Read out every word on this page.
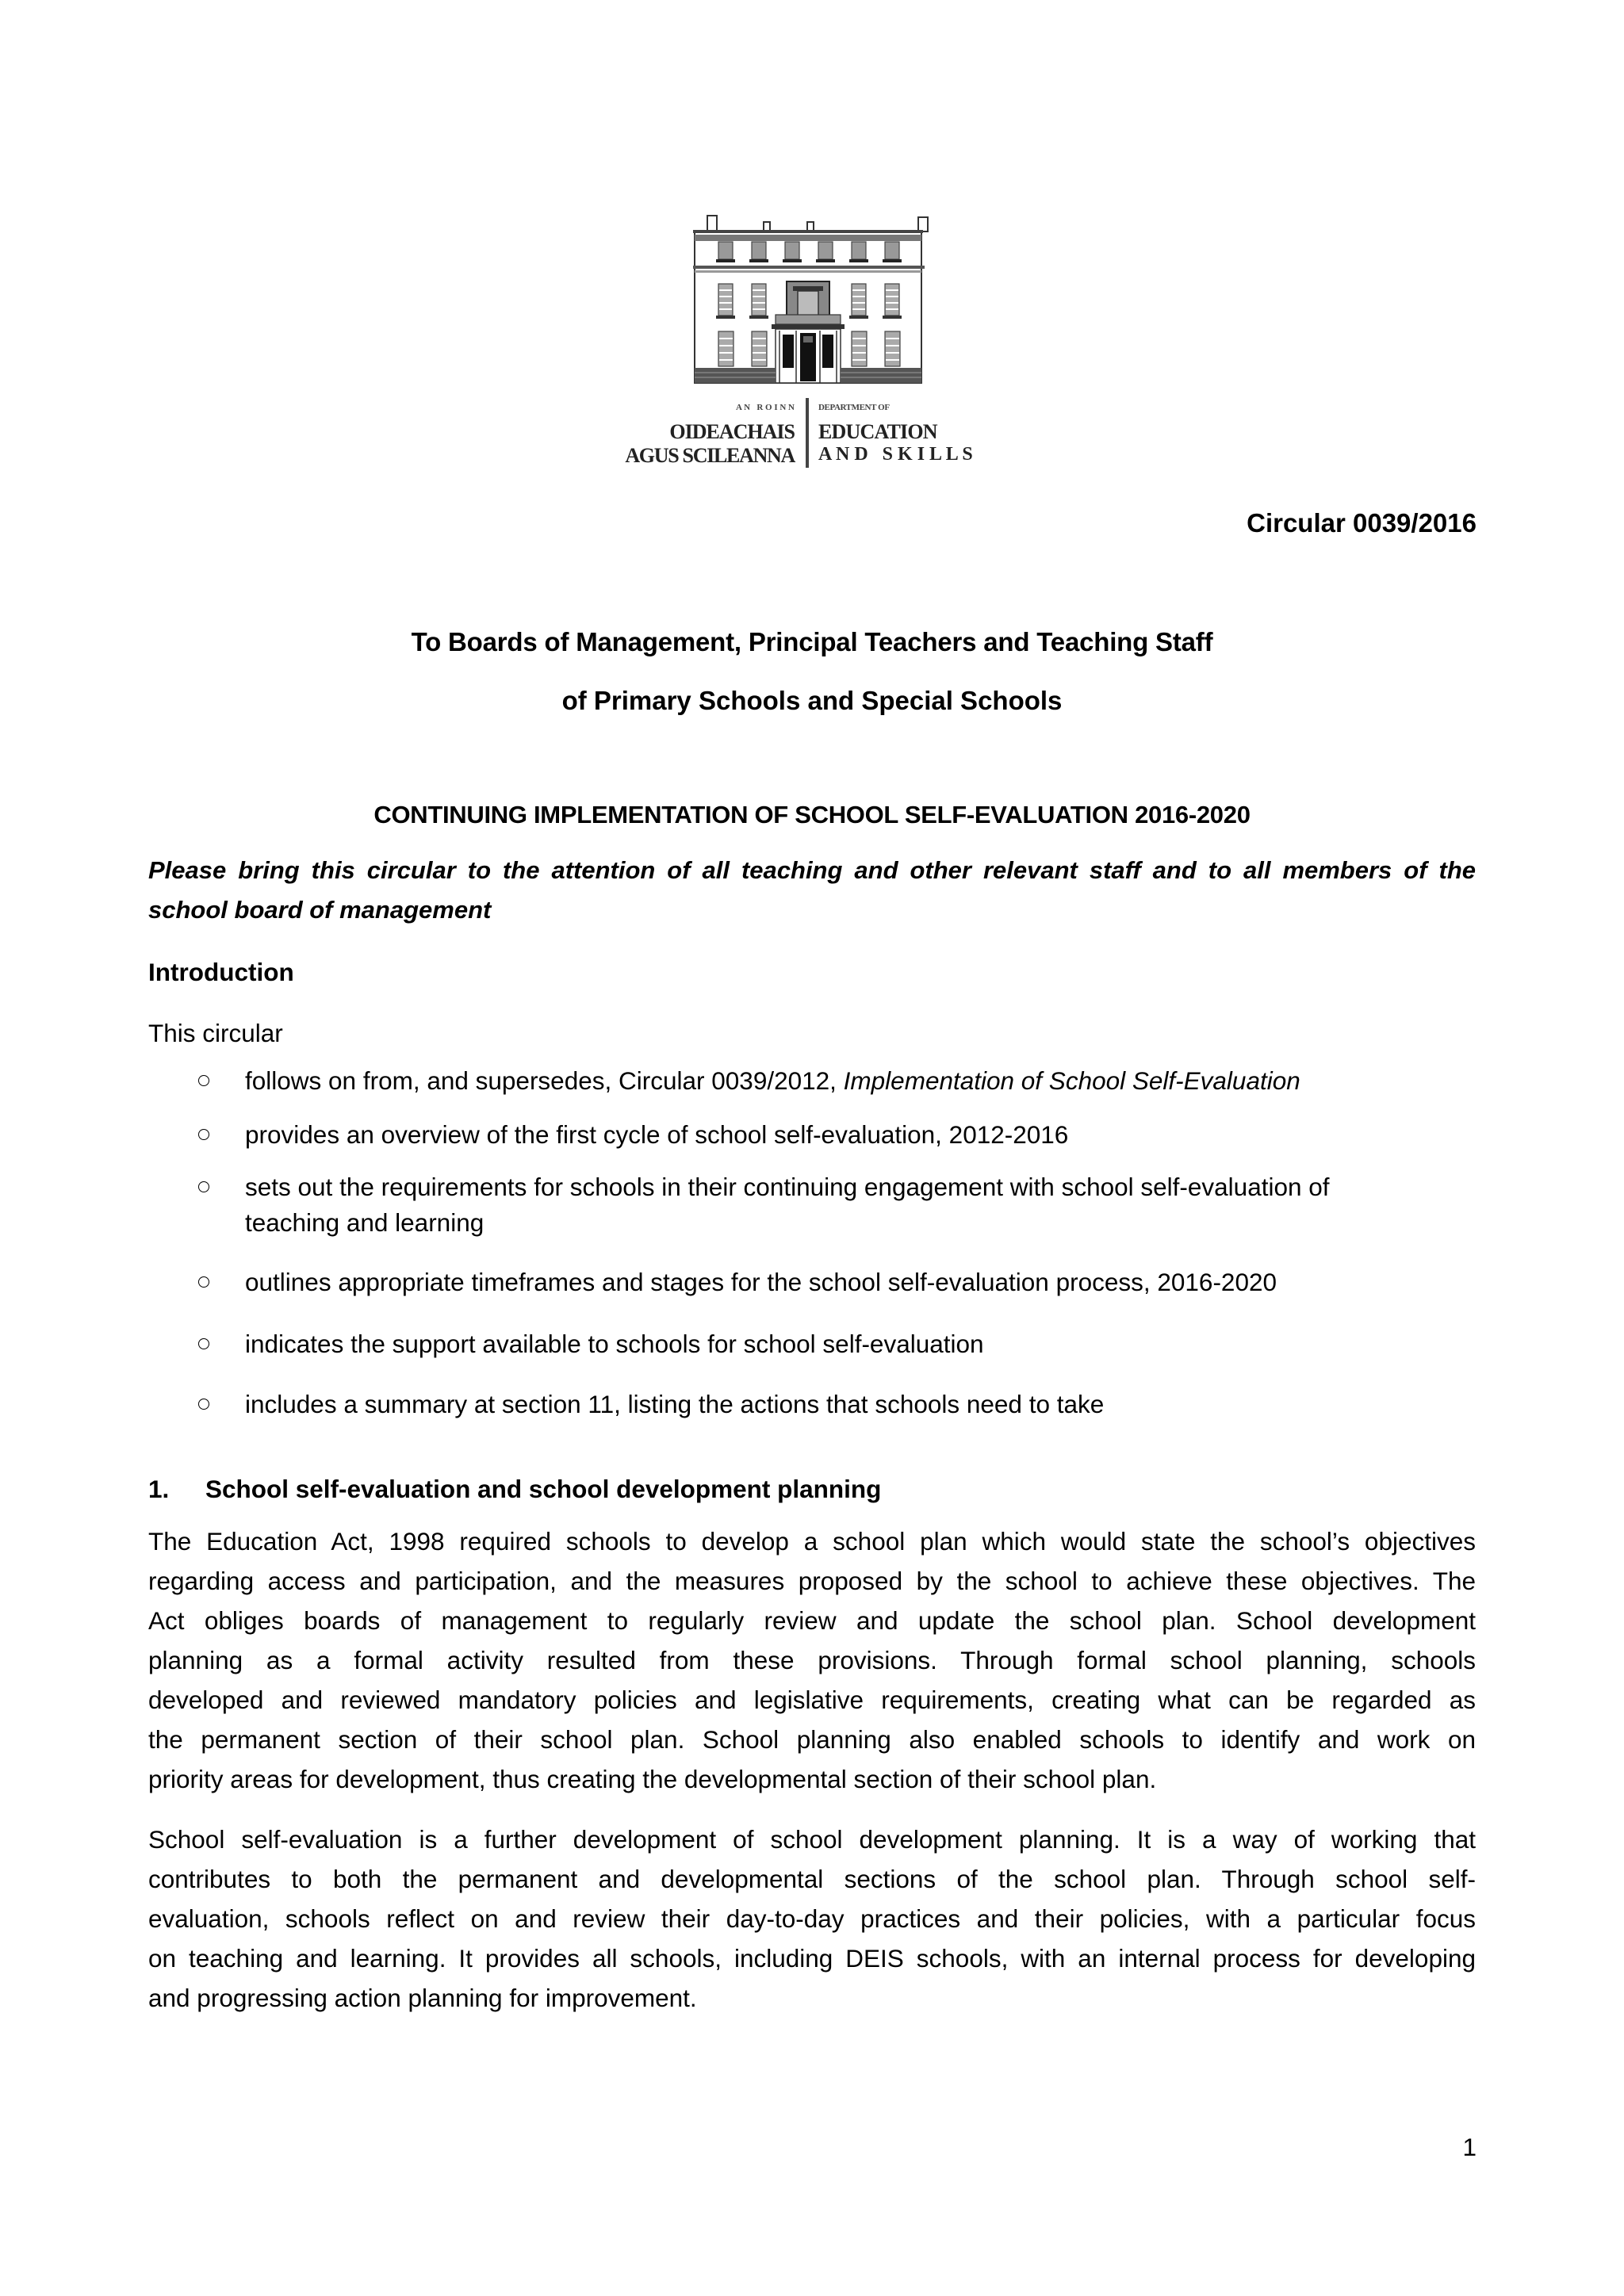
A N   R O I N N
OIDEACHAIS
AGUS SCILEANNA
DEPARTMENT OF
EDUCATION
A N D   S K I L L S
Circular 0039/2016
To Boards of Management, Principal Teachers and Teaching Staff
of Primary Schools and Special Schools
CONTINUING IMPLEMENTATION OF SCHOOL SELF-EVALUATION 2016-2020
Please bring this circular to the attention of all teaching and other relevant staff and to all members of the
school board of management
Introduction
This circular
follows on from, and supersedes, Circular 0039/2012, Implementation of School Self-Evaluation
provides an overview of the first cycle of school self-evaluation, 2012-2016
sets out the requirements for schools in their continuing engagement with school self-evaluation of
teaching and learning
outlines appropriate timeframes and stages for the school self-evaluation process, 2016-2020
indicates the support available to schools for school self-evaluation
includes a summary at section 11, listing the actions that schools need to take
1. School self-evaluation and school development planning
The Education Act, 1998 required schools to develop a school plan which would state the school’s objectives
regarding access and participation, and the measures proposed by the school to achieve these objectives. The
Act obliges boards of management to regularly review and update the school plan. School development
planning as a formal activity resulted from these provisions. Through formal school planning, schools
developed and reviewed mandatory policies and legislative requirements, creating what can be regarded as
the permanent section of their school plan. School planning also enabled schools to identify and work on
priority areas for development, thus creating the developmental section of their school plan.
School self-evaluation is a further development of school development planning. It is a way of working that
contributes to both the permanent and developmental sections of the school plan. Through school self-
evaluation, schools reflect on and review their day-to-day practices and their policies, with a particular focus
on teaching and learning. It provides all schools, including DEIS schools, with an internal process for developing
and progressing action planning for improvement.
1
